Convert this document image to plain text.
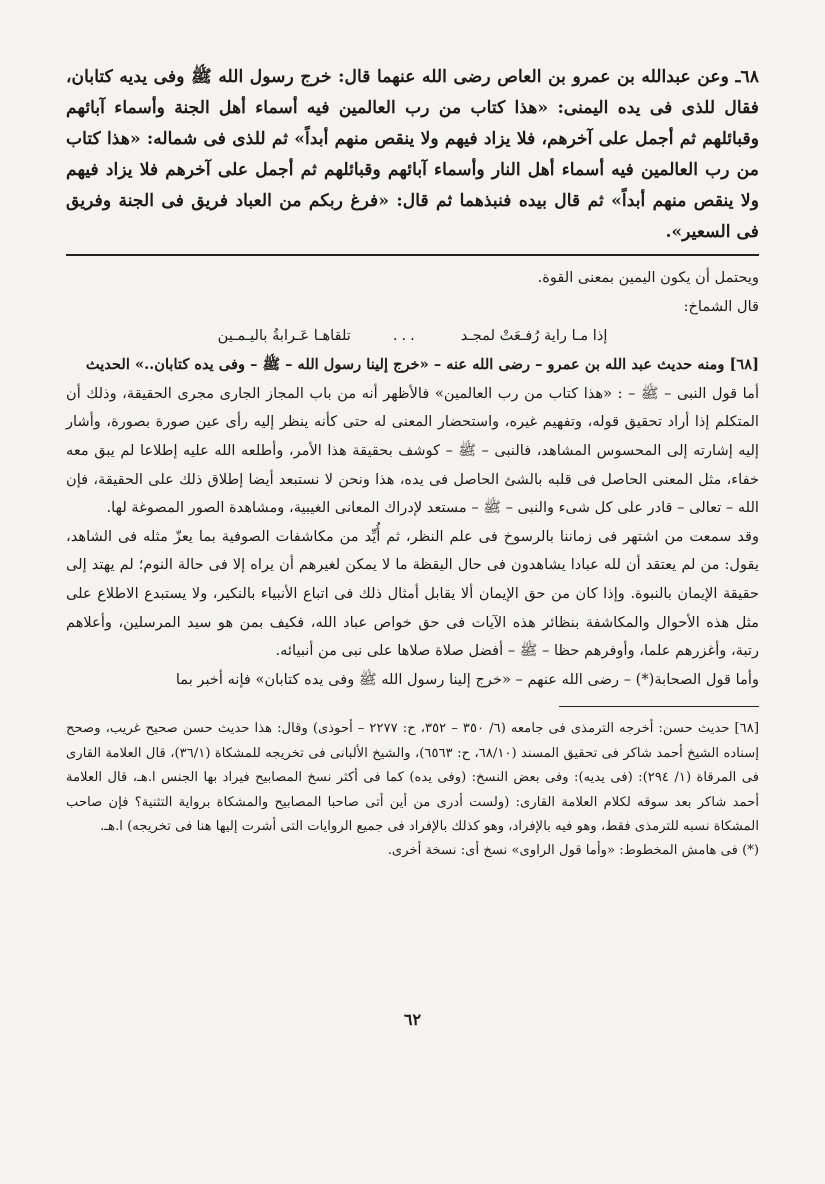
٦٨ـ وعن عبدالله بن عمرو بن العاص رضى الله عنهما قال: خرج رسول الله ﷺ وفى يديه كتابان، فقال للذى فى يده اليمنى: «هذا كتاب من رب العالمين فيه أسماء أهل الجنة وأسماء آبائهم وقبائلهم ثم أجمل على آخرهم، فلا يزاد فيهم ولا ينقص منهم أبداً» ثم للذى فى شماله: «هذا كتاب من رب العالمين فيه أسماء أهل النار وأسماء آبائهم وقبائلهم ثم أجمل على آخرهم فلا يزاد فيهم ولا ينقص منهم أبداً» ثم قال بيده فنبذهما ثم قال: «فرغ ربكم من العباد فريق فى الجنة وفريق فى السعير».

ويحتمل أن يكون اليمين بمعنى القوة.

قال الشماخ:

إذا مـا راية رُفـعَتْ لمجـد
...
تلقاهـا عَـرابةُ باليـمـين

[٦٨] ومنه حديث عبد الله بن عمرو – رضى الله عنه – «خرج إلينا رسول الله – ﷺ – وفى يده كتابان..» الحديث

أما قول النبى – ﷺ – : «هذا كتاب من رب العالمين» فالأظهر أنه من باب المجاز الجارى مجرى الحقيقة، وذلك أن المتكلم إذا أراد تحقيق قوله، وتفهيم غيره، واستحضار المعنى له حتى كأنه ينظر إليه رأى عين صورة بصورة، وأشار إليه إشارته إلى المحسوس المشاهد، فالنبى – ﷺ – كوشف بحقيقة هذا الأمر، وأطلعه الله عليه إطلاعا لم يبق معه خفاء، مثل المعنى الحاصل فى قلبه بالشئ الحاصل فى يده، هذا ونحن لا نستبعد أيضا إطلاق ذلك على الحقيقة، فإن الله – تعالى – قادر على كل شىء والنبى – ﷺ – مستعد لإدراك المعانى الغيبية، ومشاهدة الصور المصوغة لها.

وقد سمعت من اشتهر فى زماننا بالرسوخ فى علم النظر، ثم أُيِّد من مكاشفات الصوفية بما يعزّ مثله فى الشاهد، يقول: من لم يعتقد أن لله عبادا يشاهدون فى حال اليقظة ما لا يمكن لغيرهم أن يراه إلا فى حالة النوم؛ لم يهتد إلى حقيقة الإيمان بالنبوة. وإذا كان من حق الإيمان ألا يقابل أمثال ذلك فى اتباع الأنبياء بالنكير، ولا يستبدع الاطلاع على مثل هذه الأحوال والمكاشفة بنظائر هذه الآيات فى حق خواص عباد الله، فكيف بمن هو سيد المرسلين، وأعلاهم رتبة، وأغزرهم علما، وأوفرهم حظا – ﷺ – أفضل صلاة صلاها على نبى من أنبيائه.

وأما قول الصحابة(*) – رضى الله عنهم – «خرج إلينا رسول الله ﷺ وفى يده كتابان» فإنه أخبر بما

[٦٨] حديث حسن: أخرجه الترمذى فى جامعه (٦/ ٣٥٠ – ٣٥٢، ح: ٢٢٧٧ – أحوذى) وقال: هذا حديث حسن صحيح غريب، وصحح إسناده الشيخ أحمد شاكر فى تحقيق المسند (٦٨/١٠، ح: ٦٥٦٣)، والشيخ الألبانى فى تخريجه للمشكاة (٣٦/١)، قال العلامة القارى فى المرقاة (١/ ٢٩٤): (فى يديه): وفى بعض النسخ: (وفى يده) كما فى أكثر نسخ المصابيح فيراد بها الجنس ا.هـ، قال العلامة أحمد شاكر بعد سوقه لكلام العلامة القارى: (ولست أدرى من أين أتى صاحبا المصابيح والمشكاة برواية التثنية؟ فإن صاحب المشكاة نسبه للترمذى فقط، وهو فيه بالإفراد، وهو كذلك بالإفراد فى جميع الروايات التى أشرت إليها هنا فى تخريجه) ا.هـ.

(*) فى هامش المخطوط: «وأما قول الراوى» نسخ أى: نسخة أخرى.

٦٢
